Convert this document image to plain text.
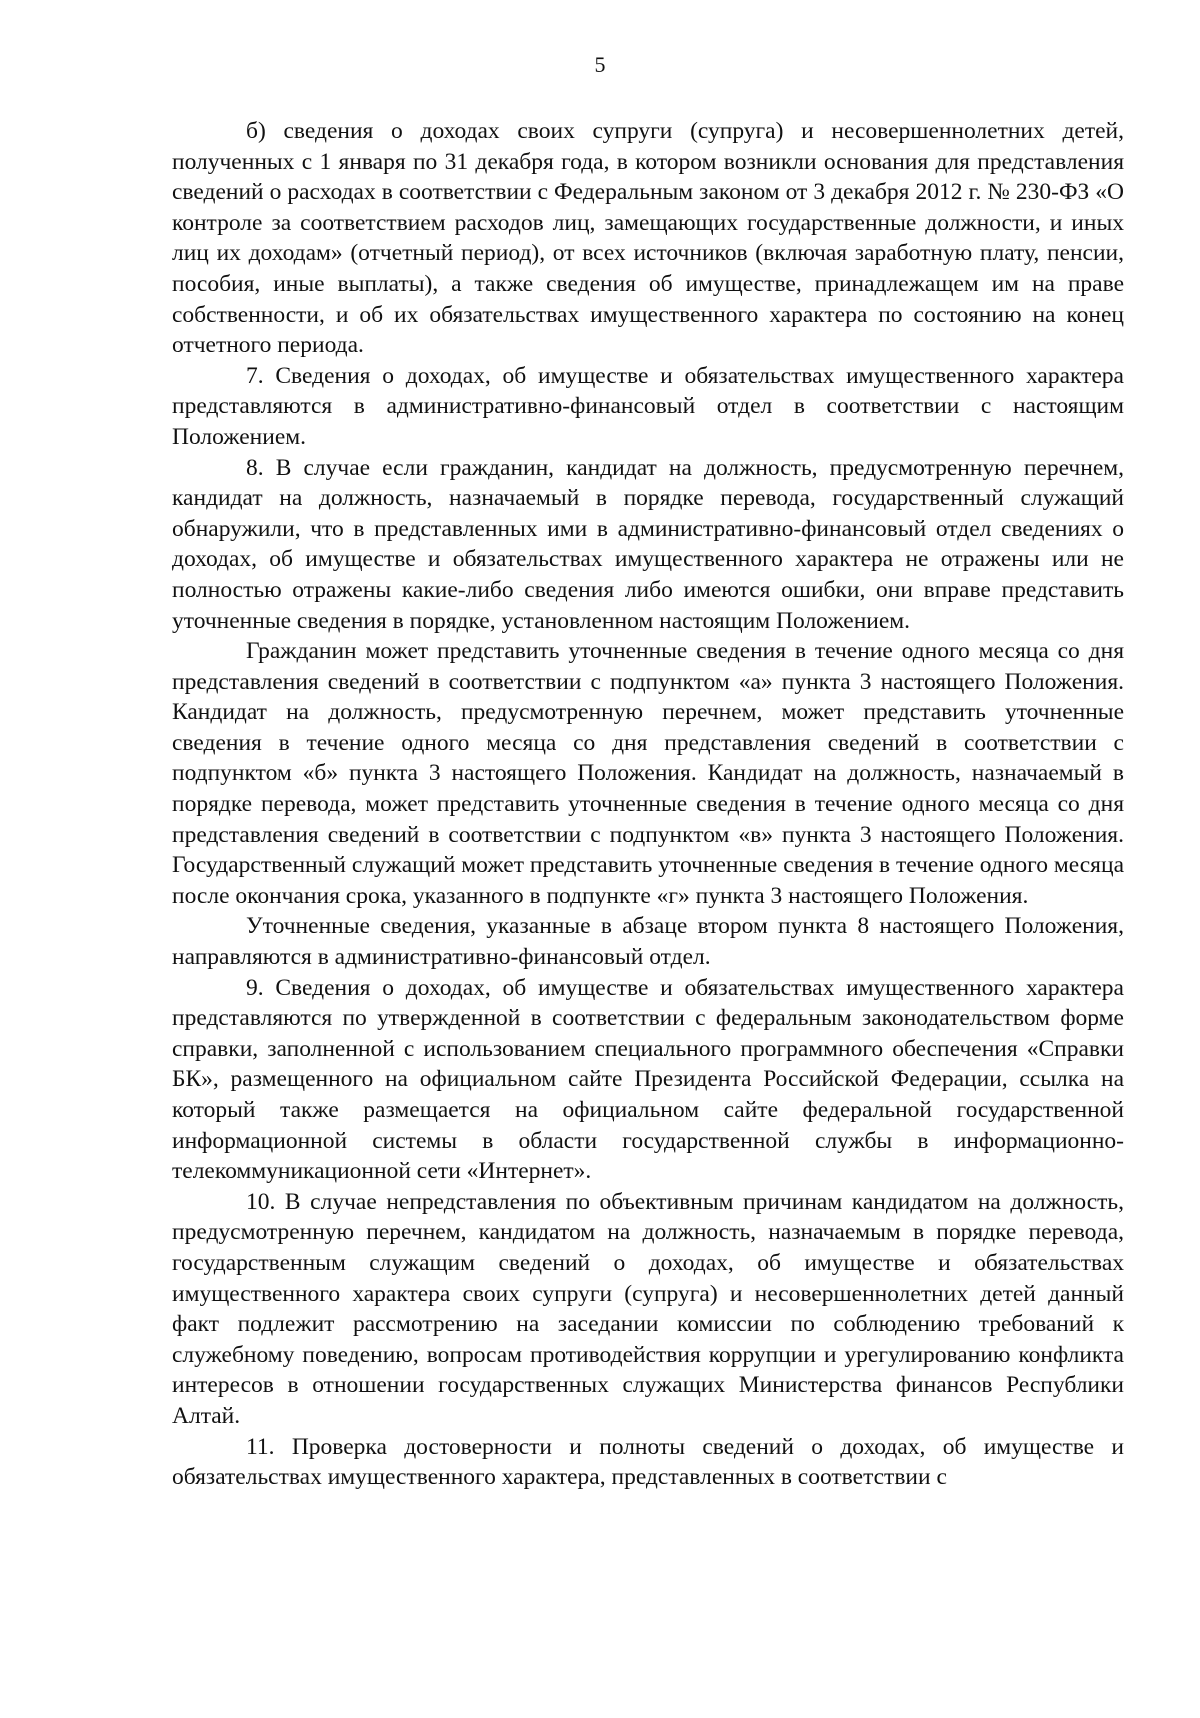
5

б) сведения о доходах своих супруги (супруга) и несовершеннолетних детей, полученных с 1 января по 31 декабря года, в котором возникли основания для представления сведений о расходах в соответствии с Федеральным законом от 3 декабря 2012 г. № 230-ФЗ «О контроле за соответствием расходов лиц, замещающих государственные должности, и иных лиц их доходам» (отчетный период), от всех источников (включая заработную плату, пенсии, пособия, иные выплаты), а также сведения об имуществе, принадлежащем им на праве собственности, и об их обязательствах имущественного характера по состоянию на конец отчетного периода.

7. Сведения о доходах, об имуществе и обязательствах имущественного характера представляются в административно-финансовый отдел в соответствии с настоящим Положением.

8. В случае если гражданин, кандидат на должность, предусмотренную перечнем, кандидат на должность, назначаемый в порядке перевода, государственный служащий обнаружили, что в представленных ими в административно-финансовый отдел сведениях о доходах, об имуществе и обязательствах имущественного характера не отражены или не полностью отражены какие-либо сведения либо имеются ошибки, они вправе представить уточненные сведения в порядке, установленном настоящим Положением.

Гражданин может представить уточненные сведения в течение одного месяца со дня представления сведений в соответствии с подпунктом «а» пункта 3 настоящего Положения. Кандидат на должность, предусмотренную перечнем, может представить уточненные сведения в течение одного месяца со дня представления сведений в соответствии с подпунктом «б» пункта 3 настоящего Положения. Кандидат на должность, назначаемый в порядке перевода, может представить уточненные сведения в течение одного месяца со дня представления сведений в соответствии с подпунктом «в» пункта 3 настоящего Положения. Государственный служащий может представить уточненные сведения в течение одного месяца после окончания срока, указанного в подпункте «г» пункта 3 настоящего Положения.

Уточненные сведения, указанные в абзаце втором пункта 8 настоящего Положения, направляются в административно-финансовый отдел.

9. Сведения о доходах, об имуществе и обязательствах имущественного характера представляются по утвержденной в соответствии с федеральным законодательством форме справки, заполненной с использованием специального программного обеспечения «Справки БК», размещенного на официальном сайте Президента Российской Федерации, ссылка на который также размещается на официальном сайте федеральной государственной информационной системы в области государственной службы в информационно-телекоммуникационной сети «Интернет».

10. В случае непредставления по объективным причинам кандидатом на должность, предусмотренную перечнем, кандидатом на должность, назначаемым в порядке перевода, государственным служащим сведений о доходах, об имуществе и обязательствах имущественного характера своих супруги (супруга) и несовершеннолетних детей данный факт подлежит рассмотрению на заседании комиссии по соблюдению требований к служебному поведению, вопросам противодействия коррупции и урегулированию конфликта интересов в отношении государственных служащих Министерства финансов Республики Алтай.

11. Проверка достоверности и полноты сведений о доходах, об имуществе и обязательствах имущественного характера, представленных в соответствии с
